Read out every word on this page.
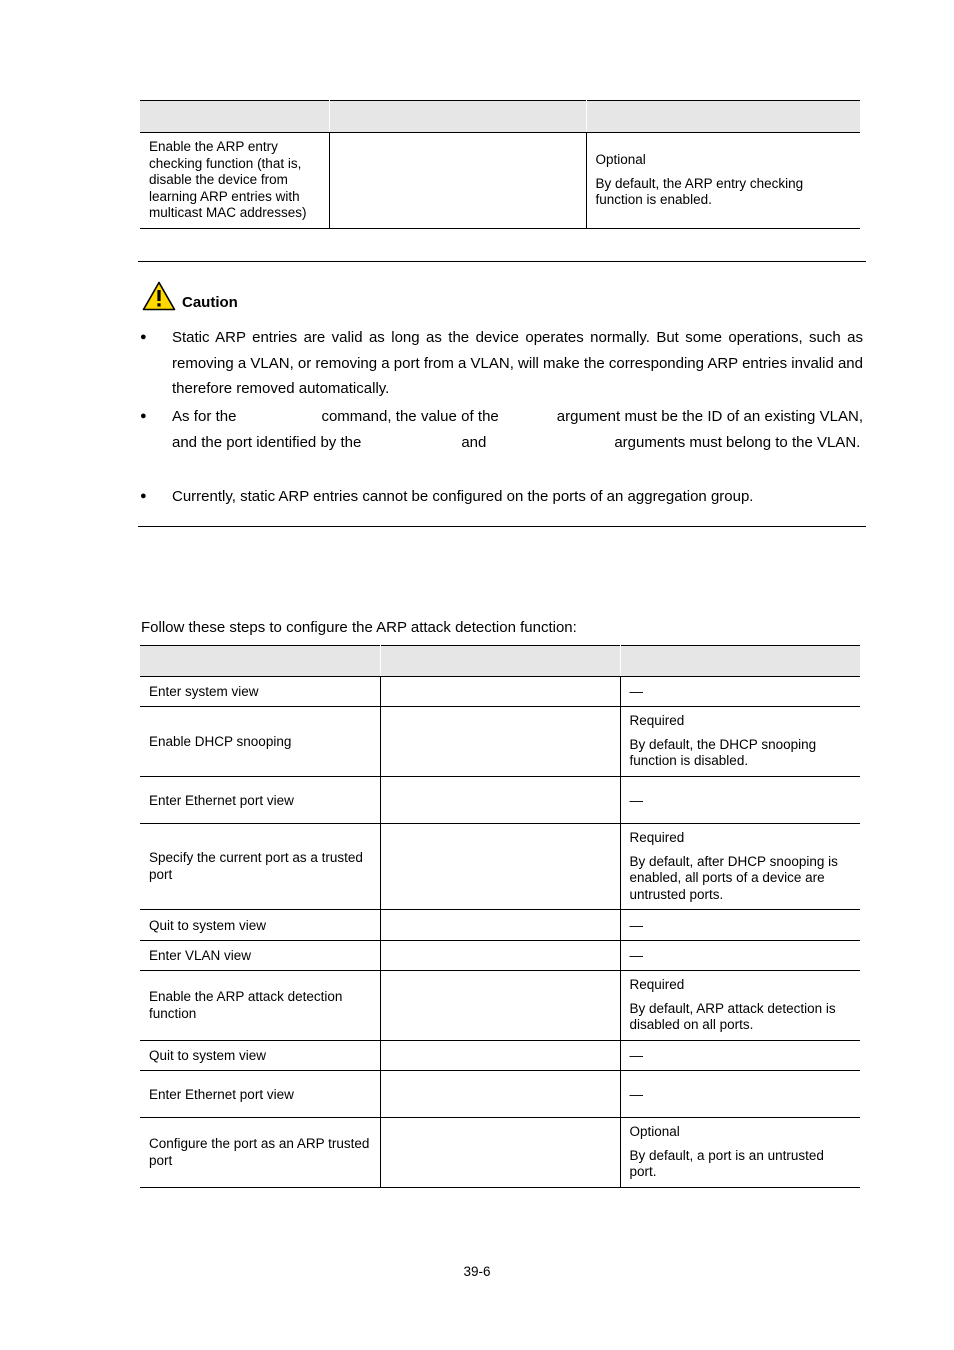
Enable the ARP entry checking function (that is, disable the device from learning ARP entries with multicast MAC addresses)		Optional

By default, the ARP entry checking function is enabled.

Caution
● Static ARP entries are valid as long as the device operates normally. But some operations, such as removing a VLAN, or removing a port from a VLAN, will make the corresponding ARP entries invalid and therefore removed automatically.
● As for the	command, the value of the	argument must be the ID of an existing VLAN, and the port identified by the	and	arguments must belong to the VLAN.
● Currently, static ARP entries cannot be configured on the ports of an aggregation group.
Follow these steps to configure the ARP attack detection function:

Enter system view		—
Enable DHCP snooping		Required

By default, the DHCP snooping function is disabled.

Enter Ethernet port view		—

Specify the current port as a trusted port		Required

By default, after DHCP snooping is enabled, all ports of a device are untrusted ports.

Quit to system view		—
Enter VLAN view		—

Enable the ARP attack detection function		Required

By default, ARP attack detection is disabled on all ports.

Quit to system view		—
Enter Ethernet port view		—

Configure the port as an ARP trusted port		Optional

By default, a port is an untrusted port.

39-6
